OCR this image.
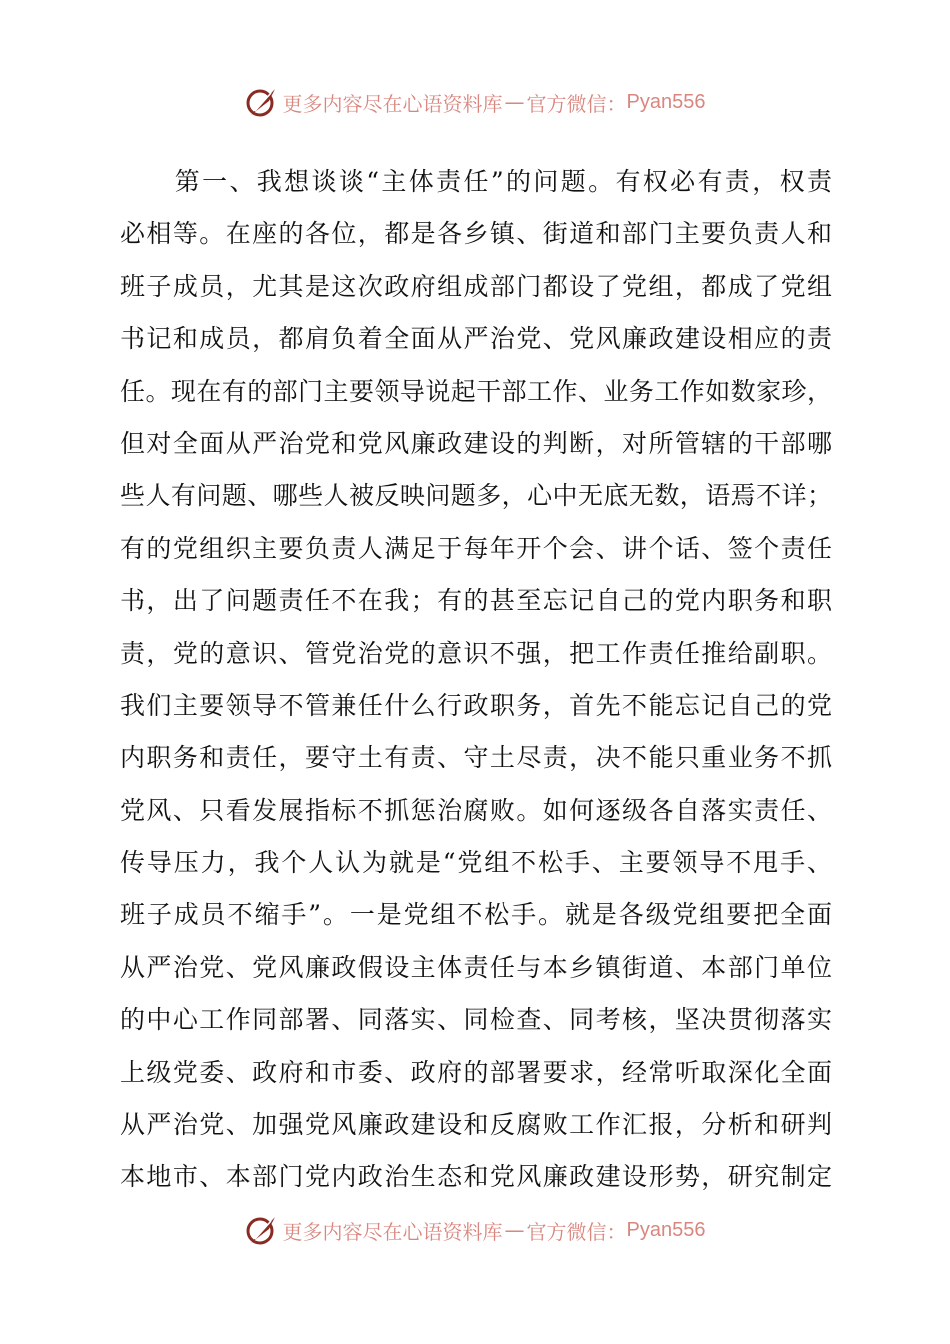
更多内容尽在心语资料库 — 官方微信： Pyan556
　　第一、我想谈谈“主体责任”的问题。有权必有责，权责
必相等。在座的各位，都是各乡镇、街道和部门主要负责人和
班子成员，尤其是这次政府组成部门都设了党组，都成了党组
书记和成员，都肩负着全面从严治党、党风廉政建设相应的责
任。现在有的部门主要领导说起干部工作、业务工作如数家珍，
但对全面从严治党和党风廉政建设的判断，对所管辖的干部哪
些人有问题、哪些人被反映问题多，心中无底无数，语焉不详；
有的党组织主要负责人满足于每年开个会、讲个话、签个责任
书，出了问题责任不在我；有的甚至忘记自己的党内职务和职
责，党的意识、管党治党的意识不强，把工作责任推给副职。
我们主要领导不管兼任什么行政职务，首先不能忘记自己的党
内职务和责任，要守土有责、守土尽责，决不能只重业务不抓
党风、只看发展指标不抓惩治腐败。如何逐级各自落实责任、
传导压力，我个人认为就是“党组不松手、主要领导不甩手、
班子成员不缩手”。一是党组不松手。就是各级党组要把全面
从严治党、党风廉政假设主体责任与本乡镇街道、本部门单位
的中心工作同部署、同落实、同检查、同考核，坚决贯彻落实
上级党委、政府和市委、政府的部署要求，经常听取深化全面
从严治党、加强党风廉政建设和反腐败工作汇报，分析和研判
本地市、本部门党内政治生态和党风廉政建设形势，研究制定
更多内容尽在心语资料库 — 官方微信： Pyan556
